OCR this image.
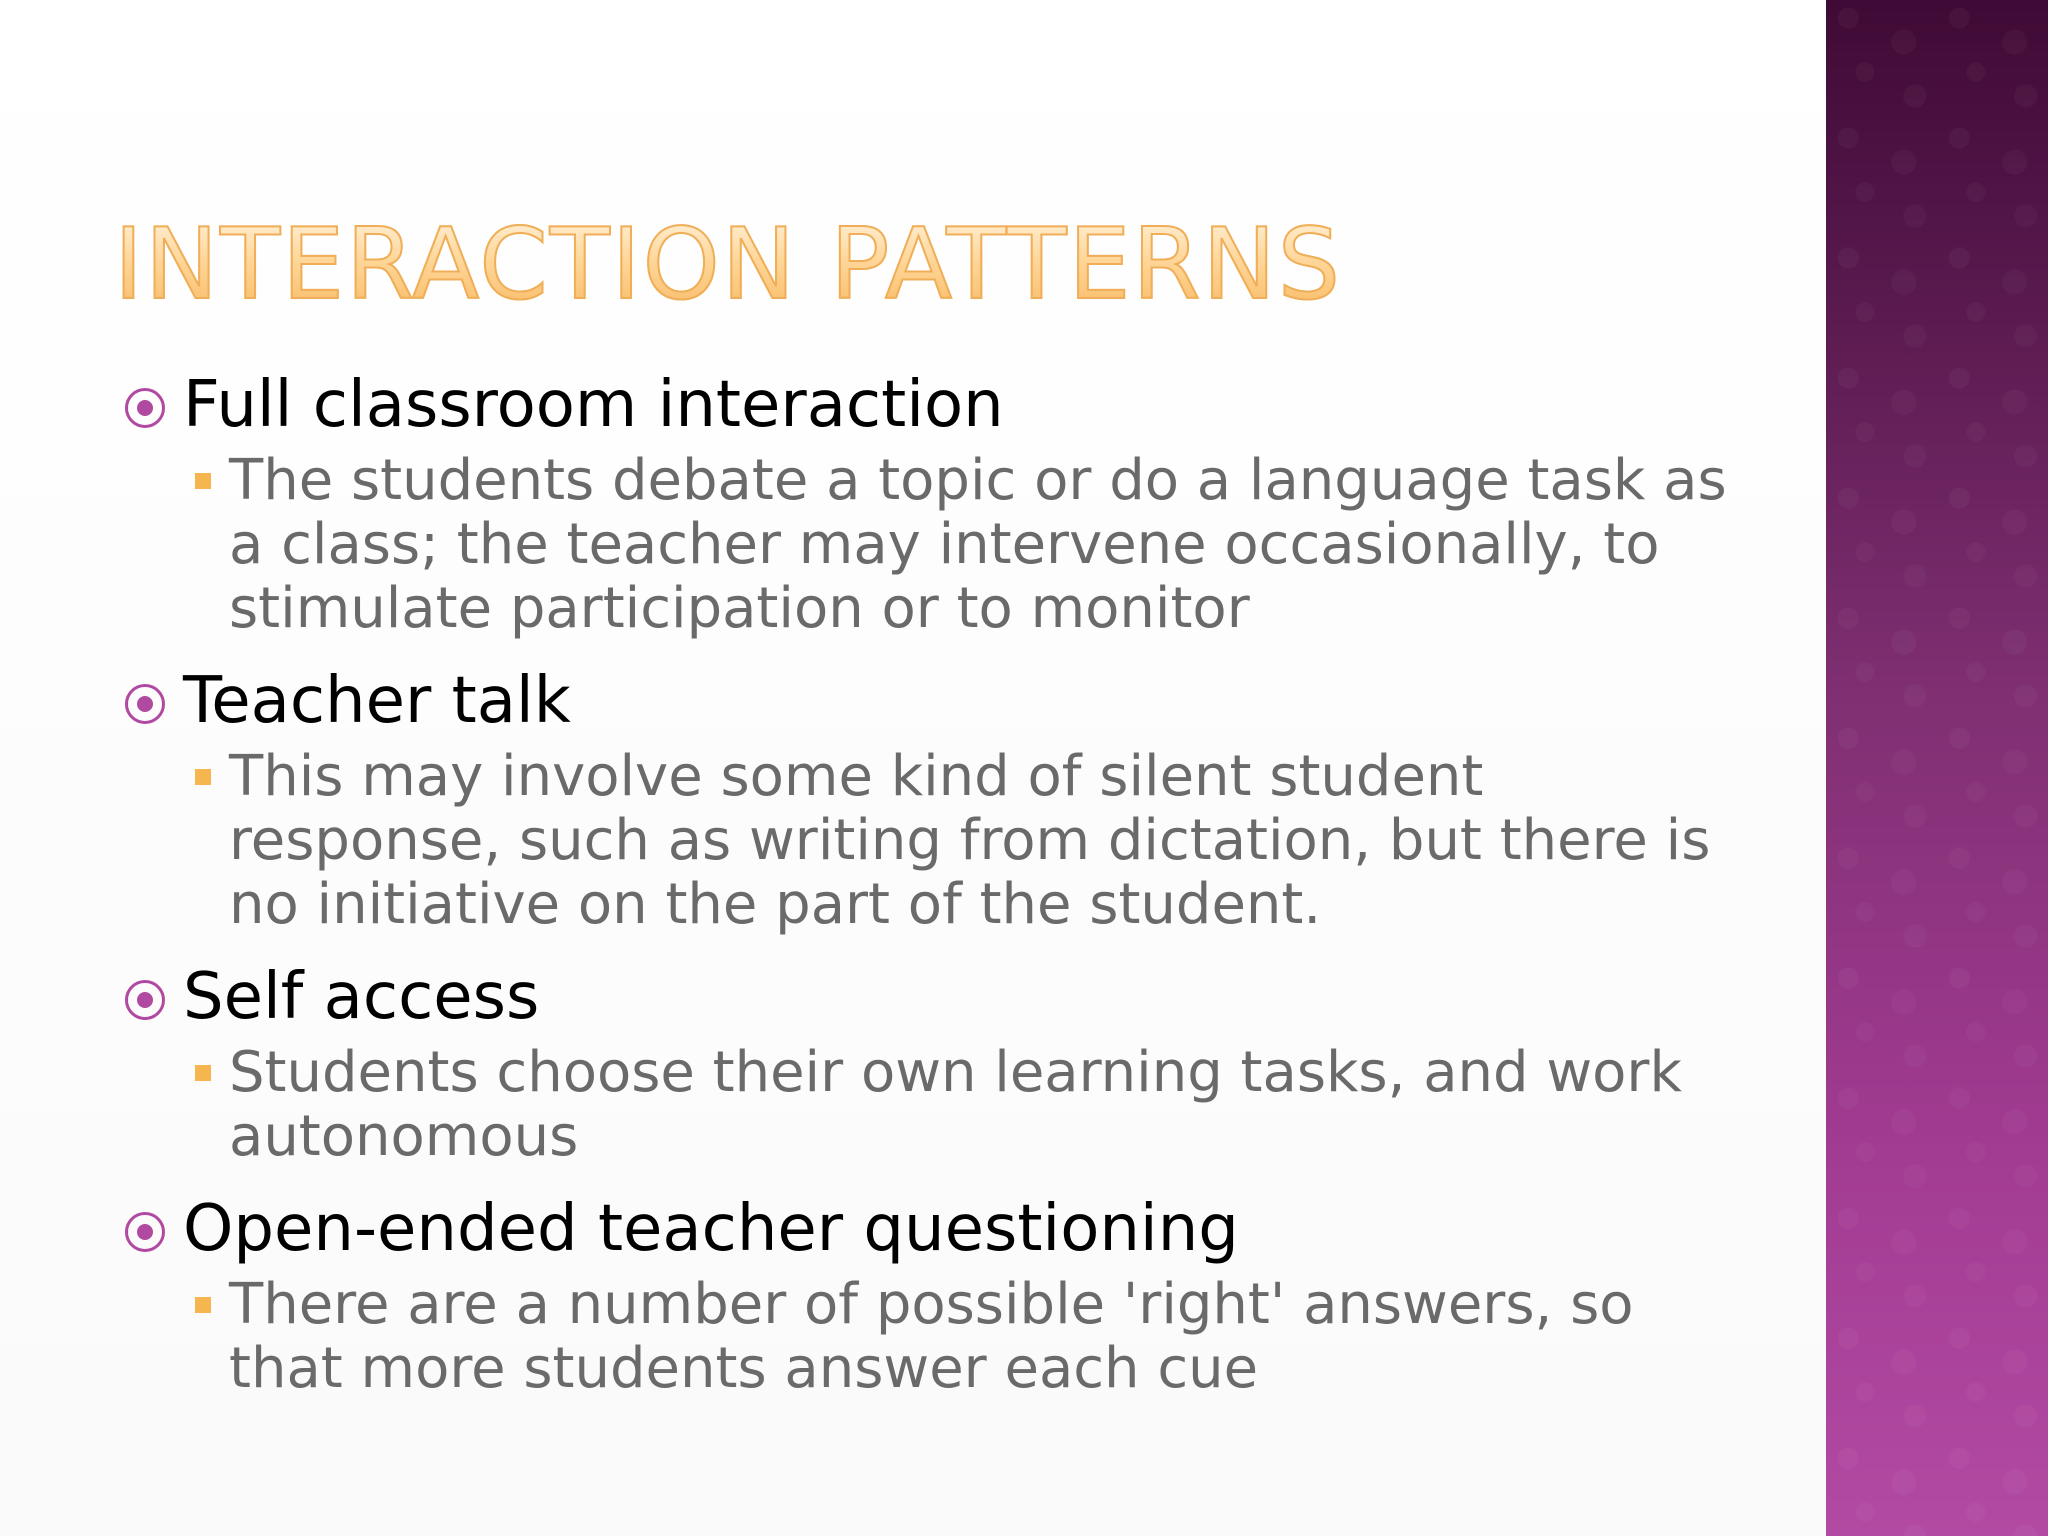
INTERACTION PATTERNS
Full classroom interaction
The students debate a topic or do a language task as a class; the teacher may intervene occasionally, to stimulate participation or to monitor
Teacher talk
This may involve some kind of silent student response, such as writing from dictation, but there is no initiative on the part of the student.
Self access
Students choose their own learning tasks, and work autonomous
Open-ended teacher questioning
There are a number of possible 'right' answers, so that more students answer each cue
